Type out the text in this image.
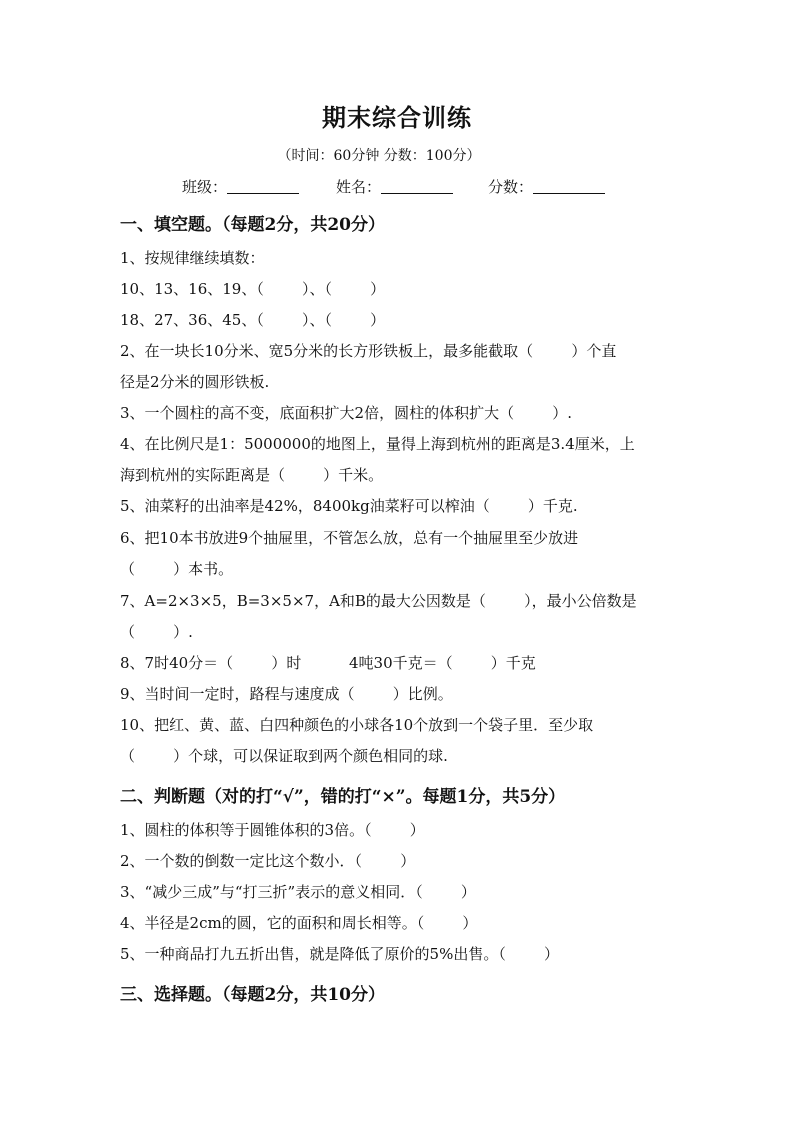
期末综合训练
（时间：60分钟 分数：100分）
班级：	姓名：	分数：
一、填空题。（每题2分，共20分）
1、按规律继续填数：
10、13、16、19、（        ）、（        ）
18、27、36、45、（        ）、（        ）
2、在一块长10分米、宽5分米的长方形铁板上，最多能截取（        ）个直
径是2分米的圆形铁板.
3、一个圆柱的高不变，底面积扩大2倍，圆柱的体积扩大（        ）.
4、在比例尺是1：5000000的地图上，量得上海到杭州的距离是3.4厘米，上
海到杭州的实际距离是（        ）千米。
5、油菜籽的出油率是42%，8400kg油菜籽可以榨油（        ）千克.
6、把10本书放进9个抽屉里，不管怎么放，总有一个抽屉里至少放进
（        ）本书。
7、A=2×3×5，B=3×5×7，A和B的最大公因数是（        ），最小公倍数是
（        ）.
8、7时40分＝（        ）时          4吨30千克＝（        ）千克
9、当时间一定时，路程与速度成（        ）比例。
10、把红、黄、蓝、白四种颜色的小球各10个放到一个袋子里．至少取
（        ）个球，可以保证取到两个颜色相同的球.
二、判断题（对的打“√”，错的打“×”。每题1分，共5分）
1、圆柱的体积等于圆锥体积的3倍。（        ）
2、一个数的倒数一定比这个数小．（        ）
3、“减少三成”与“打三折”表示的意义相同．（        ）
4、半径是2cm的圆，它的面积和周长相等。（        ）
5、一种商品打九五折出售，就是降低了原价的5%出售。（        ）
三、选择题。（每题2分，共10分）
